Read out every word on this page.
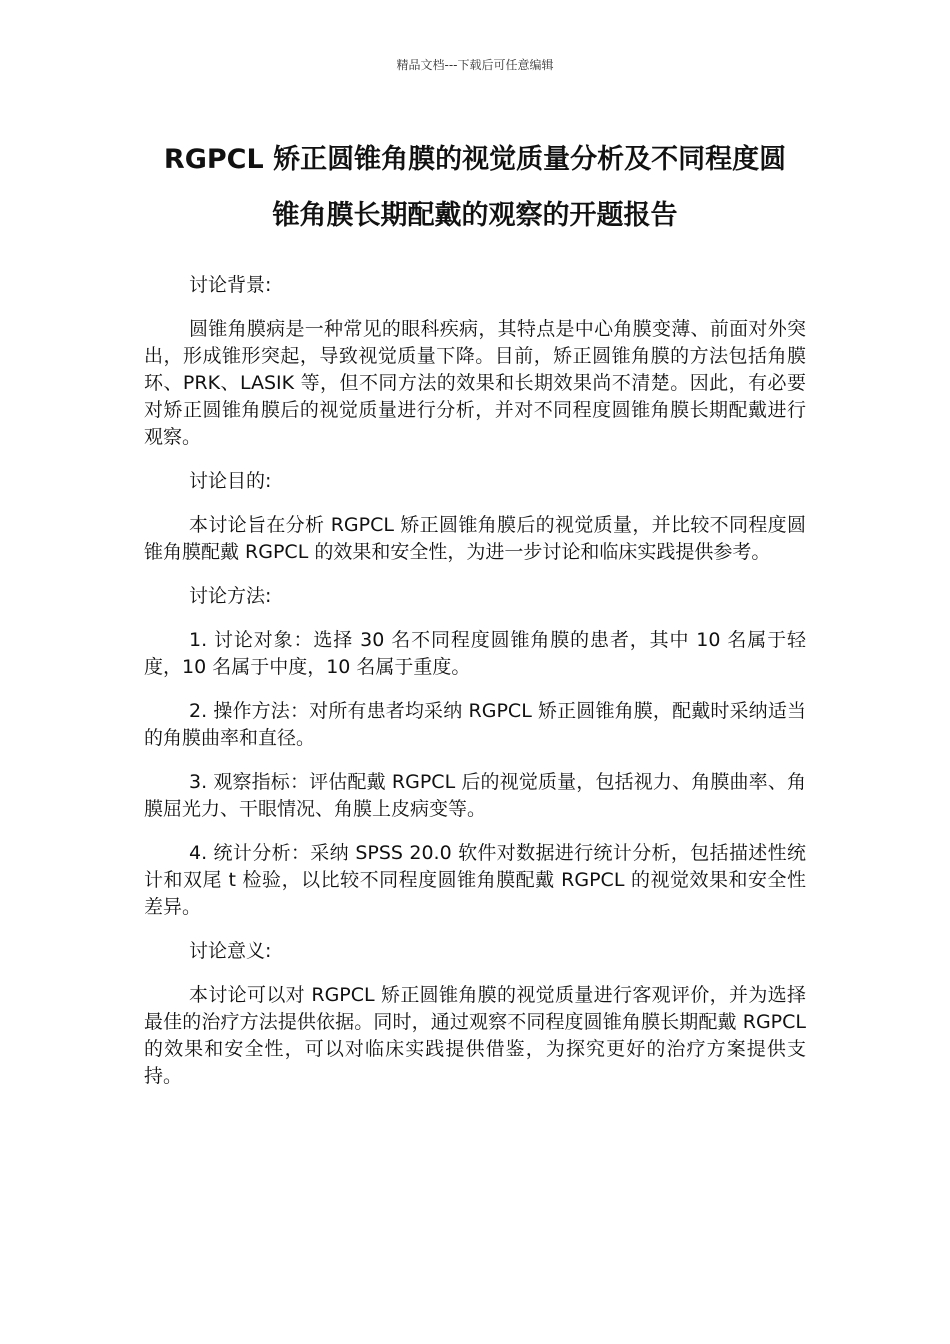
精品文档---下载后可任意编辑
RGPCL 矫正圆锥角膜的视觉质量分析及不同程度圆
锥角膜长期配戴的观察的开题报告

讨论背景:

圆锥角膜病是一种常见的眼科疾病，其特点是中心角膜变薄、前面对外突出，形成锥形突起，导致视觉质量下降。目前，矫正圆锥角膜的方法包括角膜环、PRK、LASIK 等，但不同方法的效果和长期效果尚不清楚。因此，有必要对矫正圆锥角膜后的视觉质量进行分析，并对不同程度圆锥角膜长期配戴进行观察。

讨论目的:

本讨论旨在分析 RGPCL 矫正圆锥角膜后的视觉质量，并比较不同程度圆锥角膜配戴 RGPCL 的效果和安全性，为进一步讨论和临床实践提供参考。

讨论方法:

1. 讨论对象：选择 30 名不同程度圆锥角膜的患者，其中 10 名属于轻度，10 名属于中度，10 名属于重度。

2. 操作方法：对所有患者均采纳 RGPCL 矫正圆锥角膜，配戴时采纳适当的角膜曲率和直径。

3. 观察指标：评估配戴 RGPCL 后的视觉质量，包括视力、角膜曲率、角膜屈光力、干眼情况、角膜上皮病变等。

4. 统计分析：采纳 SPSS 20.0 软件对数据进行统计分析，包括描述性统计和双尾 t 检验，以比较不同程度圆锥角膜配戴 RGPCL 的视觉效果和安全性差异。

讨论意义:

本讨论可以对 RGPCL 矫正圆锥角膜的视觉质量进行客观评价，并为选择最佳的治疗方法提供依据。同时，通过观察不同程度圆锥角膜长期配戴 RGPCL 的效果和安全性，可以对临床实践提供借鉴，为探究更好的治疗方案提供支持。
